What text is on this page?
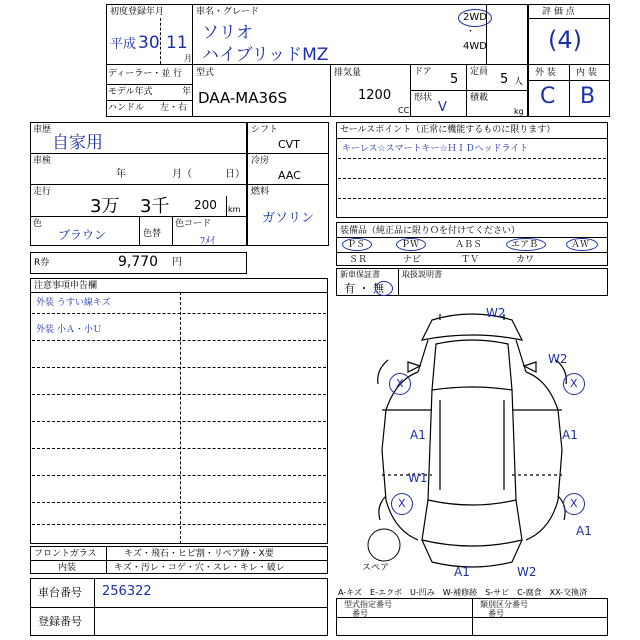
初度登録年月
平成 30 11
月
車名・グレード
ソリオ
ハイブリッドMZ
2WD
・
4WD
ディーラー・並 行
モデル年式	年
ハンドル 左・右
型式
DAA-MA36S
排気量
1200
CC
ドア 5 定員 5 人
形状
V
積載
kg
評 価 点
(4)
外 装 内 装
C B
車歴
自家用
車検
年	月（	日）
走行
3万 3千 200 km
色
ブラウン	色替
色コード
ﾌﾒｲ
R券	9,770 円
シフト
CVT
冷房
AAC
燃料
ガソリン
セールスポイント（正常に機能するものに限ります）
キーレス☆スマートキー☆ＨＩＤヘッドライト
装備品（純正品に限りＯを付けてください）
ＰＳ	ＰＷ	ＡＢＳ	エアＢ	ＡＷ
ＳＲ	ナビ	ＴＶ	カワ
新車保証書
有 ・ 無
取扱説明書
注意事項申告欄
外装 うすい線キズ
外装 小Ａ・小Ｕ
W2
X
W2
X
A1	A1
W1
X	X
A1
A1	W2
スペア
フロントガラス	キズ・飛石・ヒビ割・リペア跡・X要
内装	キズ・汚レ・コゲ・穴・スレ・キレ・破レ
車台番号 256322
登録番号
A-キズ　E-エクボ　U-凹み　W-補修跡　S-サビ　C-腐食　XX-交換済
型式指定番号
番号
類別区分番号
番号
